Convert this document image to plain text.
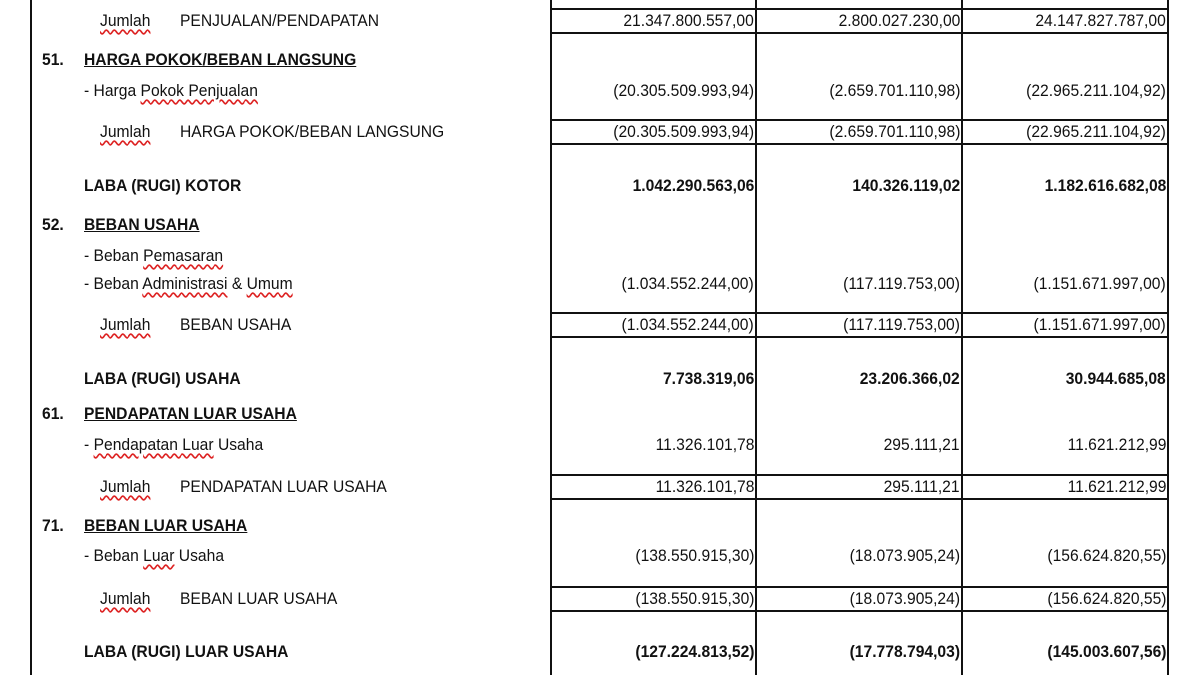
Jumlah PENJUALAN/PENDAPATAN	21.347.800.557,00	2.800.027.230,00	24.147.827.787,00
51. HARGA POKOK/BEBAN LANGSUNG
- Harga Pokok Penjualan	(20.305.509.993,94)	(2.659.701.110,98)	(22.965.211.104,92)
Jumlah HARGA POKOK/BEBAN LANGSUNG	(20.305.509.993,94)	(2.659.701.110,98)	(22.965.211.104,92)
LABA (RUGI) KOTOR	1.042.290.563,06	140.326.119,02	1.182.616.682,08
52. BEBAN USAHA
- Beban Pemasaran
- Beban Administrasi & Umum	(1.034.552.244,00)	(117.119.753,00)	(1.151.671.997,00)
Jumlah BEBAN USAHA	(1.034.552.244,00)	(117.119.753,00)	(1.151.671.997,00)
LABA (RUGI) USAHA	7.738.319,06	23.206.366,02	30.944.685,08
61. PENDAPATAN LUAR USAHA
- Pendapatan Luar Usaha	11.326.101,78	295.111,21	11.621.212,99
Jumlah PENDAPATAN LUAR USAHA	11.326.101,78	295.111,21	11.621.212,99
71. BEBAN LUAR USAHA
- Beban Luar Usaha	(138.550.915,30)	(18.073.905,24)	(156.624.820,55)
Jumlah BEBAN LUAR USAHA	(138.550.915,30)	(18.073.905,24)	(156.624.820,55)
LABA (RUGI) LUAR USAHA	(127.224.813,52)	(17.778.794,03)	(145.003.607,56)
